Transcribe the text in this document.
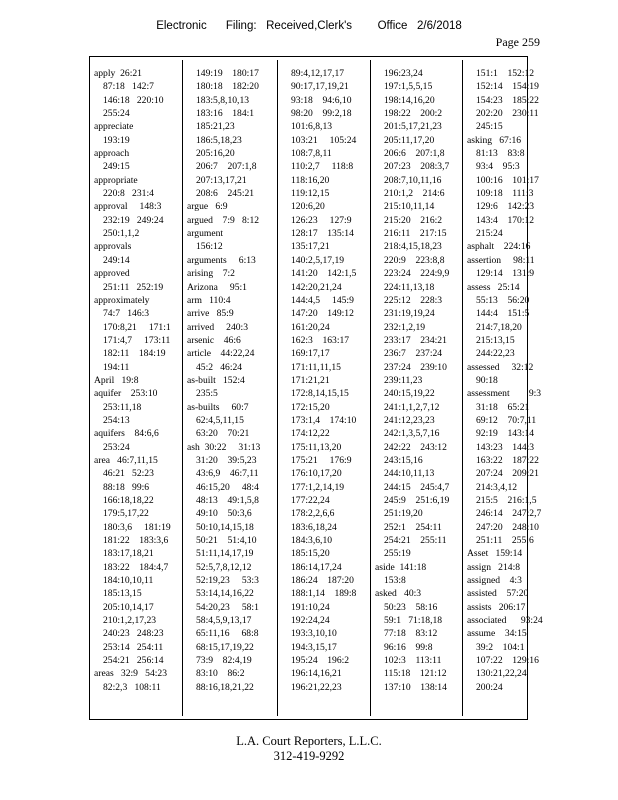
Electronic      Filing:   Received,Clerk's        Office   2/6/2018
Page 259
apply  26:21
87:18   142:7
146:18   220:10
255:24
appreciate
193:19
approach
249:15
appropriate
220:8   231:4
approval     148:3
232:19   249:24
250:1,1,2
approvals
249:14
approved
251:11   252:19
approximately
74:7   146:3
170:8,21     171:1
171:4,7     173:11
182:11    184:19
194:11
April   19:8
aquifer    253:10
253:11,18
254:13
aquifers    84:6,6
253:24
area   46:7,11,15
46:21   52:23
88:18   99:6
166:18,18,22
179:5,17,22
180:3,6     181:19
181:22    183:3,6
183:17,18,21
183:22    184:4,7
184:10,10,11
185:13,15
205:10,14,17
210:1,2,17,23
240:23   248:23
253:14   254:11
254:21   256:14
areas   32:9   54:23
82:2,3   108:11
149:19    180:17
180:18    182:20
183:5,8,10,13
183:16    184:1
185:21,23
186:5,18,23
205:16,20
206:7    207:1,8
207:13,17,21
208:6    245:21
argue   6:9
argued    7:9   8:12
argument
156:12
arguments     6:13
arising    7:2
Arizona     95:1
arm   110:4
arrive   85:9
arrived     240:3
arsenic    46:6
article    44:22,24
45:2   46:24
as-built   152:4
235:5
as-builts     60:7
62:4,5,11,15
63:20    70:21
ash  30:22     31:13
31:20    39:5,23
43:6,9    46:7,11
46:15,20     48:4
48:13    49:1,5,8
49:10    50:3,6
50:10,14,15,18
50:21    51:4,10
51:11,14,17,19
52:5,7,8,12,12
52:19,23     53:3
53:14,14,16,22
54:20,23     58:1
58:4,5,9,13,17
65:11,16     68:8
68:15,17,19,22
73:9    82:4,19
83:10    86:2
88:16,18,21,22
89:4,12,17,17
90:17,17,19,21
93:18    94:6,10
98:20    99:2,18
101:6,8,13
103:21     105:24
108:7,8,11
110:2,7     118:8
118:16,20
119:12,15
120:6,20
126:23     127:9
128:17    135:14
135:17,21
140:2,5,17,19
141:20    142:1,5
142:20,21,24
144:4,5     145:9
147:20    149:12
161:20,24
162:3    163:17
169:17,17
171:11,11,15
171:21,21
172:8,14,15,15
172:15,20
173:1,4    174:10
174:12,22
175:11,13,20
175:21     176:9
176:10,17,20
177:1,2,14,19
177:22,24
178:2,2,6,6
183:6,18,24
184:3,6,10
185:15,20
186:14,17,24
186:24    187:20
188:1,14    189:8
191:10,24
192:24,24
193:3,10,10
194:3,15,17
195:24    196:2
196:14,16,21
196:21,22,23
196:23,24
197:1,5,5,15
198:14,16,20
198:22    200:2
201:5,17,21,23
205:11,17,20
206:6    207:1,8
207:23    208:3,7
208:7,10,11,16
210:1,2    214:6
215:10,11,14
215:20    216:2
216:11    217:15
218:4,15,18,23
220:9    223:8,8
223:24    224:9,9
224:11,13,18
225:12    228:3
231:19,19,24
232:1,2,19
233:17    234:21
236:7    237:24
237:24    239:10
239:11,23
240:15,19,22
241:1,1,2,7,12
241:12,23,23
242:1,3,5,7,16
242:22    243:12
243:15,16
244:10,11,13
244:15    245:4,7
245:9    251:6,19
251:19,20
252:1    254:11
254:21    255:11
255:19
aside  141:18
153:8
asked   40:3
50:23    58:16
59:1   71:18,18
77:18    83:12
96:16    99:8
102:3    113:11
115:18    121:12
137:10    138:14
151:1    152:12
152:14    154:19
154:23    185:22
202:20    230:11
245:15
asking   67:16
81:13    83:8
93:4    95:3
100:16    101:17
109:18    111:3
129:6    142:23
143:4    170:12
215:24
asphalt    224:16
assertion     98:11
129:14    131:9
assess   25:14
55:13    56:20
144:4    151:5
214:7,18,20
215:13,15
244:22,23
assessed     32:12
90:18
assessment        9:3
31:18    65:21
69:12    70:7,11
92:19    143:14
143:23    144:3
163:22    187:22
207:24    209:21
214:3,4,12
215:5    216:1,5
246:14    247:2,7
247:20    248:10
251:11    255:6
Asset   159:14
assign   214:8
assigned    4:3
assisted    57:20
assists   206:17
associated      93:24
assume    34:15
39:2    104:1
107:22    129:16
130:21,22,24
200:24
L.A. Court Reporters, L.L.C.
312-419-9292
